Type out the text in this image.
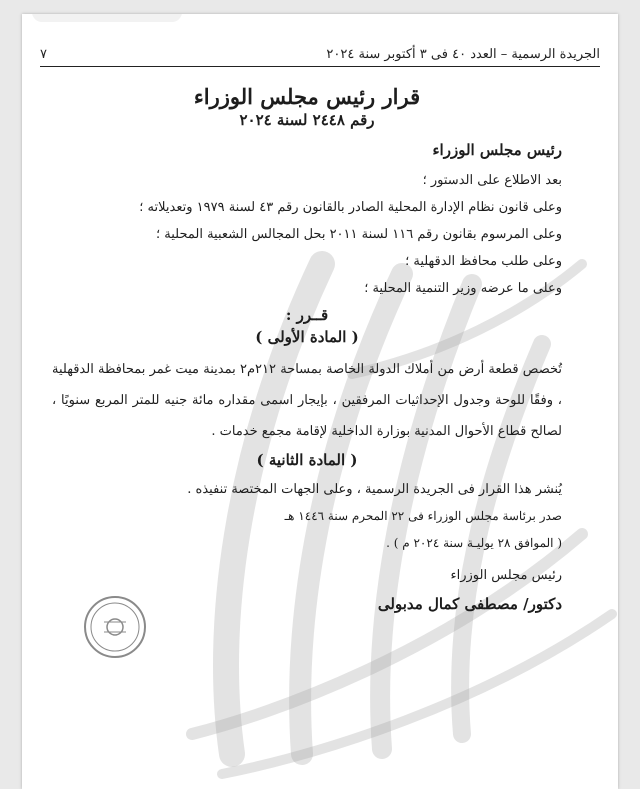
الجريدة الرسمية – العدد ٤٠ فى ٣ أكتوبر سنة ٢٠٢٤
٧
قرار رئيس مجلس الوزراء
رقم ٢٤٤٨ لسنة ٢٠٢٤
رئيس مجلس الوزراء
بعد الاطلاع على الدستور ؛
وعلى قانون نظام الإدارة المحلية الصادر بالقانون رقم ٤٣ لسنة ١٩٧٩ وتعديلاته ؛
وعلى المرسوم بقانون رقم ١١٦ لسنة ٢٠١١ بحل المجالس الشعبية المحلية ؛
وعلى طلب محافظ الدقهلية ؛
وعلى ما عرضه وزير التنمية المحلية ؛
قــرر :
( المادة الأولى )
تُخصص قطعة أرض من أملاك الدولة الخاصة بمساحة ٢١٢م٢ بمدينة ميت غمر بمحافظة الدقهلية ، وفقًا للوحة وجدول الإحداثيات المرفقين ، بإيجار اسمى مقداره مائة جنيه للمتر المربع سنويًا ، لصالح قطاع الأحوال المدنية بوزارة الداخلية لإقامة مجمع خدمات .
( المادة الثانية )
يُنشر هذا القرار فى الجريدة الرسمية ، وعلى الجهات المختصة تنفيذه .
صدر برئاسة مجلس الوزراء فى ٢٢ المحرم سنة ١٤٤٦ هـ
( الموافق ٢٨ يوليـة سنة ٢٠٢٤ م ) .
رئيس مجلس الوزراء
دكتور/ مصطفى كمال مدبولى
